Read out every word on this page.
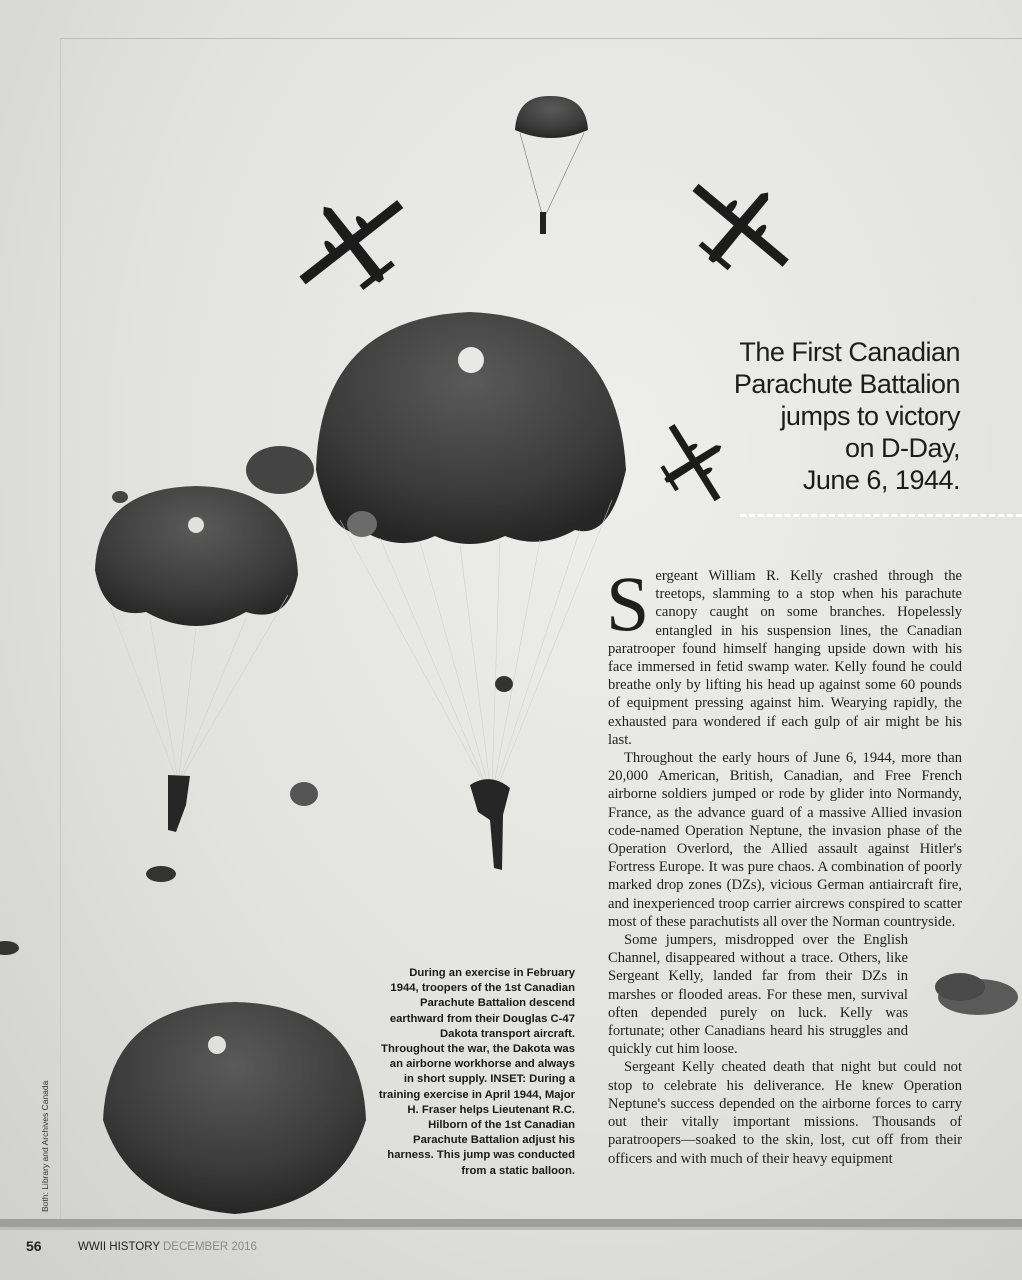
The First Canadian
Parachute Battalion
jumps to victory
on D-Day,
June 6, 1944.

Sergeant William R. Kelly crashed through the treetops, slamming to a stop when his parachute canopy caught on some branches. Hopelessly entangled in his suspension lines, the Canadian paratrooper found himself hanging upside down with his face immersed in fetid swamp water. Kelly found he could breathe only by lifting his head up against some 60 pounds of equipment pressing against him. Wearying rapidly, the exhausted para wondered if each gulp of air might be his last.

Throughout the early hours of June 6, 1944, more than 20,000 American, British, Canadian, and Free French airborne soldiers jumped or rode by glider into Normandy, France, as the advance guard of a massive Allied invasion code-named Operation Neptune, the invasion phase of the Operation Overlord, the Allied assault against Hitler's Fortress Europe. It was pure chaos. A combination of poorly marked drop zones (DZs), vicious German antiaircraft fire, and inexperienced troop carrier aircrews conspired to scatter most of these parachutists all over the Norman countryside.

Some jumpers, misdropped over the English Channel, disappeared without a trace. Others, like Sergeant Kelly, landed far from their DZs in marshes or flooded areas. For these men, survival often depended purely on luck. Kelly was fortunate; other Canadians heard his struggles and quickly cut him loose.

Sergeant Kelly cheated death that night but could not stop to celebrate his deliverance. He knew Operation Neptune's success depended on the airborne forces to carry out their vitally important missions. Thousands of paratroopers—soaked to the skin, lost, cut off from their officers and with much of their heavy equipment

During an exercise in February 1944, troopers of the 1st Canadian Parachute Battalion descend earthward from their Douglas C-47 Dakota transport aircraft. Throughout the war, the Dakota was an airborne workhorse and always in short supply. INSET: During a training exercise in April 1944, Major H. Fraser helps Lieutenant R.C. Hilborn of the 1st Canadian Parachute Battalion adjust his harness. This jump was conducted from a static balloon.
Both: Library and Archives Canada
56	WWII HISTORY DECEMBER 2016
